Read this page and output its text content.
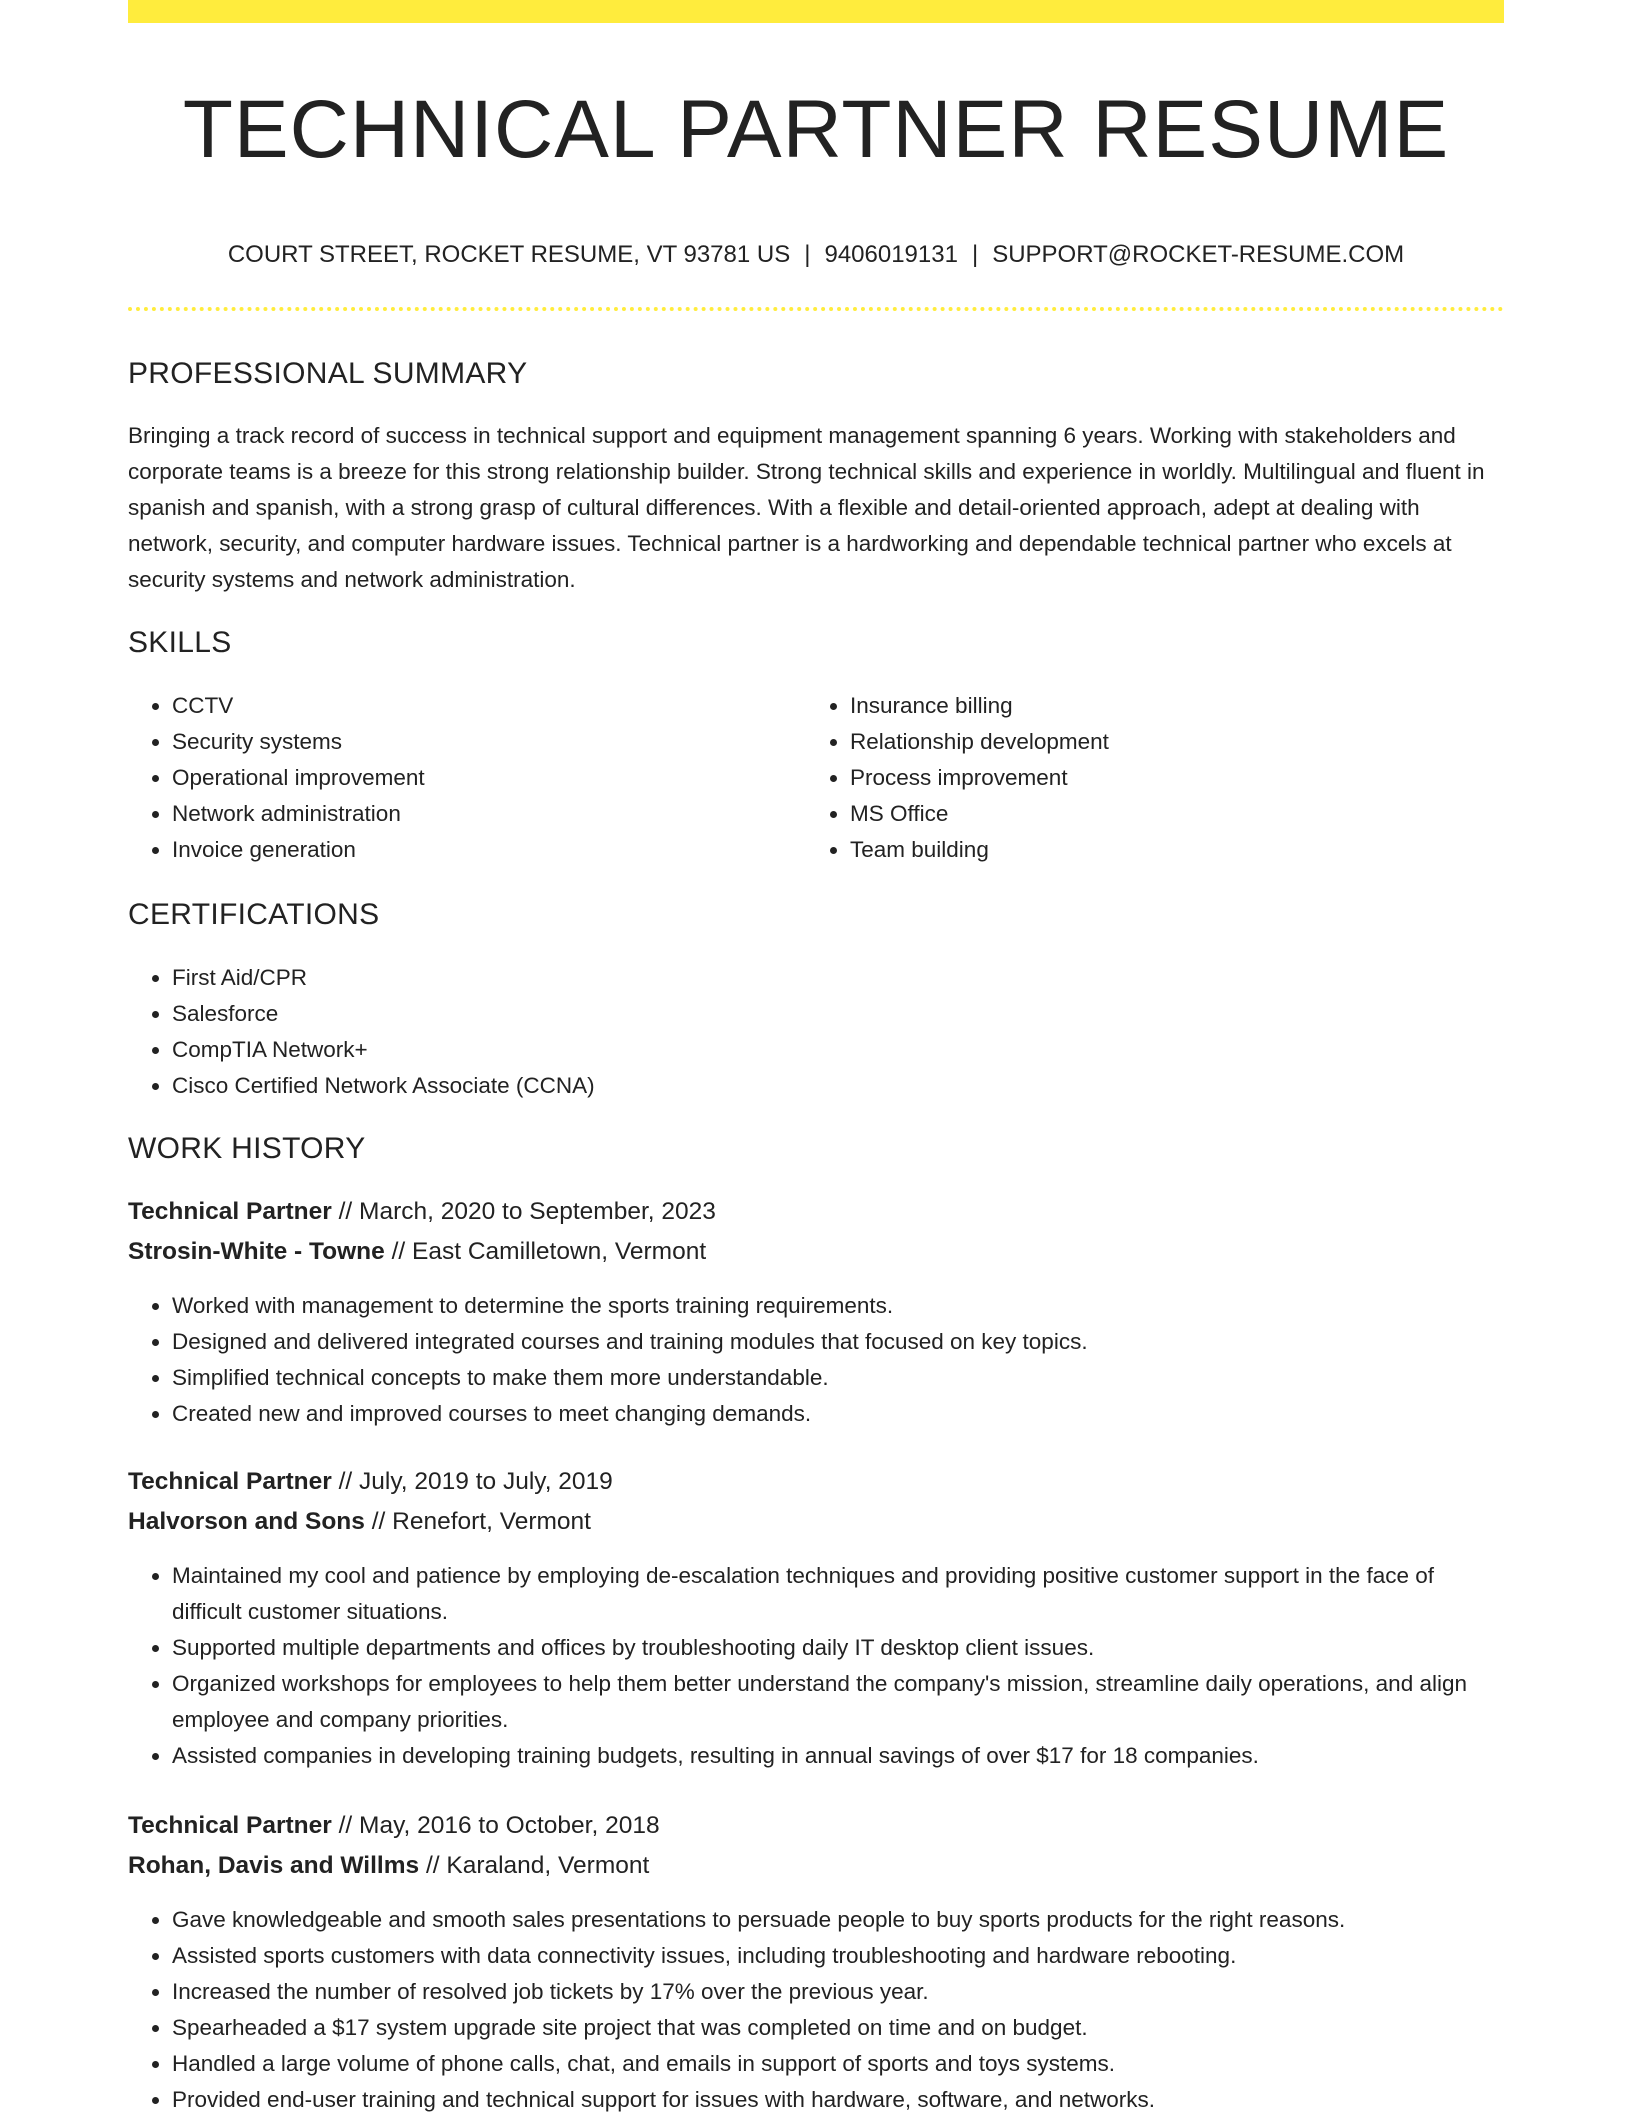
TECHNICAL PARTNER RESUME
COURT STREET, ROCKET RESUME, VT 93781 US | 9406019131 | SUPPORT@ROCKET-RESUME.COM
PROFESSIONAL SUMMARY

Bringing a track record of success in technical support and equipment management spanning 6 years. Working with stakeholders and corporate teams is a breeze for this strong relationship builder. Strong technical skills and experience in worldly. Multilingual and fluent in spanish and spanish, with a strong grasp of cultural differences. With a flexible and detail-oriented approach, adept at dealing with network, security, and computer hardware issues. Technical partner is a hardworking and dependable technical partner who excels at security systems and network administration.

SKILLS
• CCTV
• Security systems
• Operational improvement
• Network administration
• Invoice generation
• Insurance billing
• Relationship development
• Process improvement
• MS Office
• Team building
CERTIFICATIONS
• First Aid/CPR
• Salesforce
• CompTIA Network+
• Cisco Certified Network Associate (CCNA)
WORK HISTORY
Technical Partner // March, 2020 to September, 2023
Strosin-White - Towne // East Camilletown, Vermont
• Worked with management to determine the sports training requirements.
• Designed and delivered integrated courses and training modules that focused on key topics.
• Simplified technical concepts to make them more understandable.
• Created new and improved courses to meet changing demands.
Technical Partner // July, 2019 to July, 2019
Halvorson and Sons // Renefort, Vermont
• Maintained my cool and patience by employing de-escalation techniques and providing positive customer support in the face of difficult customer situations.
• Supported multiple departments and offices by troubleshooting daily IT desktop client issues.
• Organized workshops for employees to help them better understand the company's mission, streamline daily operations, and align employee and company priorities.
• Assisted companies in developing training budgets, resulting in annual savings of over $17 for 18 companies.
Technical Partner // May, 2016 to October, 2018
Rohan, Davis and Willms // Karaland, Vermont
• Gave knowledgeable and smooth sales presentations to persuade people to buy sports products for the right reasons.
• Assisted sports customers with data connectivity issues, including troubleshooting and hardware rebooting.
• Increased the number of resolved job tickets by 17% over the previous year.
• Spearheaded a $17 system upgrade site project that was completed on time and on budget.
• Handled a large volume of phone calls, chat, and emails in support of sports and toys systems.
• Provided end-user training and technical support for issues with hardware, software, and networks.
